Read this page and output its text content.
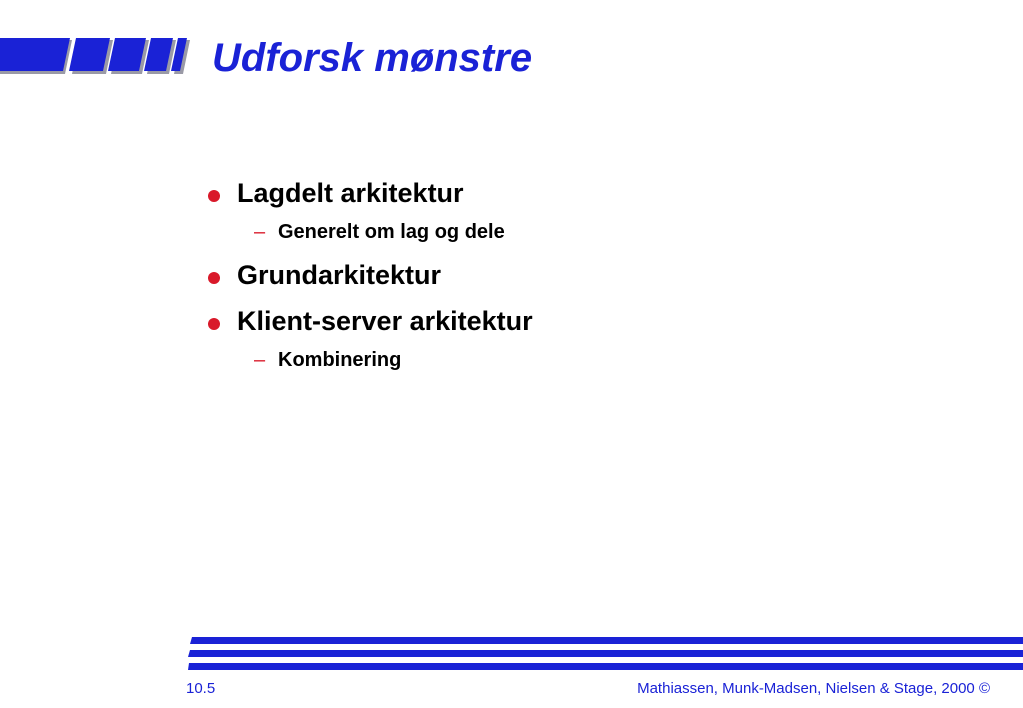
Udforsk mønstre
Lagdelt arkitektur
– Generelt om lag og dele
Grundarkitektur
Klient-server arkitektur
– Kombinering
10.5	Mathiassen, Munk-Madsen, Nielsen & Stage, 2000 ©
